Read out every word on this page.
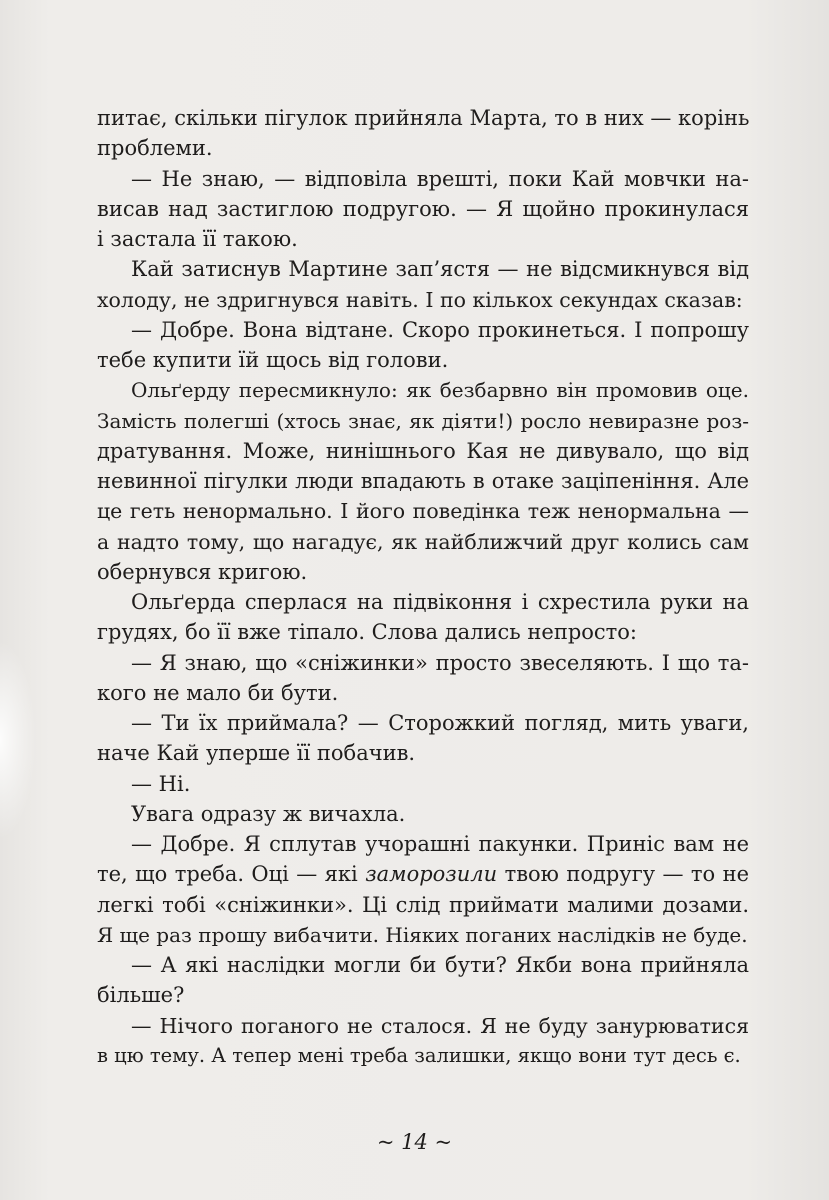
питає, скільки пігулок прийняла Марта, то в них — корінь
проблеми.
— Не знаю, — відповіла врешті, поки Кай мовчки на-
висав над застиглою подругою. — Я щойно прокинулася
і застала її такою.
Кай затиснув Мартине зап’ястя — не відсмикнувся від
холоду, не здригнувся навіть. І по кількох секундах сказав:
— Добре. Вона відтане. Скоро прокинеться. І попрошу
тебе купити їй щось від голови.
Ольґерду пересмикнуло: як безбарвно він промовив оце.
Замість полегші (хтось знає, як діяти!) росло невиразне роз-
дратування. Може, нинішнього Кая не дивувало, що від
невинної пігулки люди впадають в отаке заціпеніння. Але
це геть ненормально. І його поведінка теж ненормальна —
а надто тому, що нагадує, як найближчий друг колись сам
обернувся кригою.
Ольґерда сперлася на підвіконня і схрестила руки на
грудях, бо її вже тіпало. Слова дались непросто:
— Я знаю, що «сніжинки» просто звеселяють. І що та-
кого не мало би бути.
— Ти їх приймала? — Сторожкий погляд, мить уваги,
наче Кай уперше її побачив.
— Ні.
Увага одразу ж вичахла.
— Добре. Я сплутав учорашні пакунки. Приніс вам не
те, що треба. Оці — які заморозили твою подругу — то не
легкі тобі «сніжинки». Ці слід приймати малими дозами.
Я ще раз прошу вибачити. Ніяких поганих наслідків не буде.
— А які наслідки могли би бути? Якби вона прийняла
більше?
— Нічого поганого не сталося. Я не буду занурюватися
в цю тему. А тепер мені треба залишки, якщо вони тут десь є.
~ 14 ~
